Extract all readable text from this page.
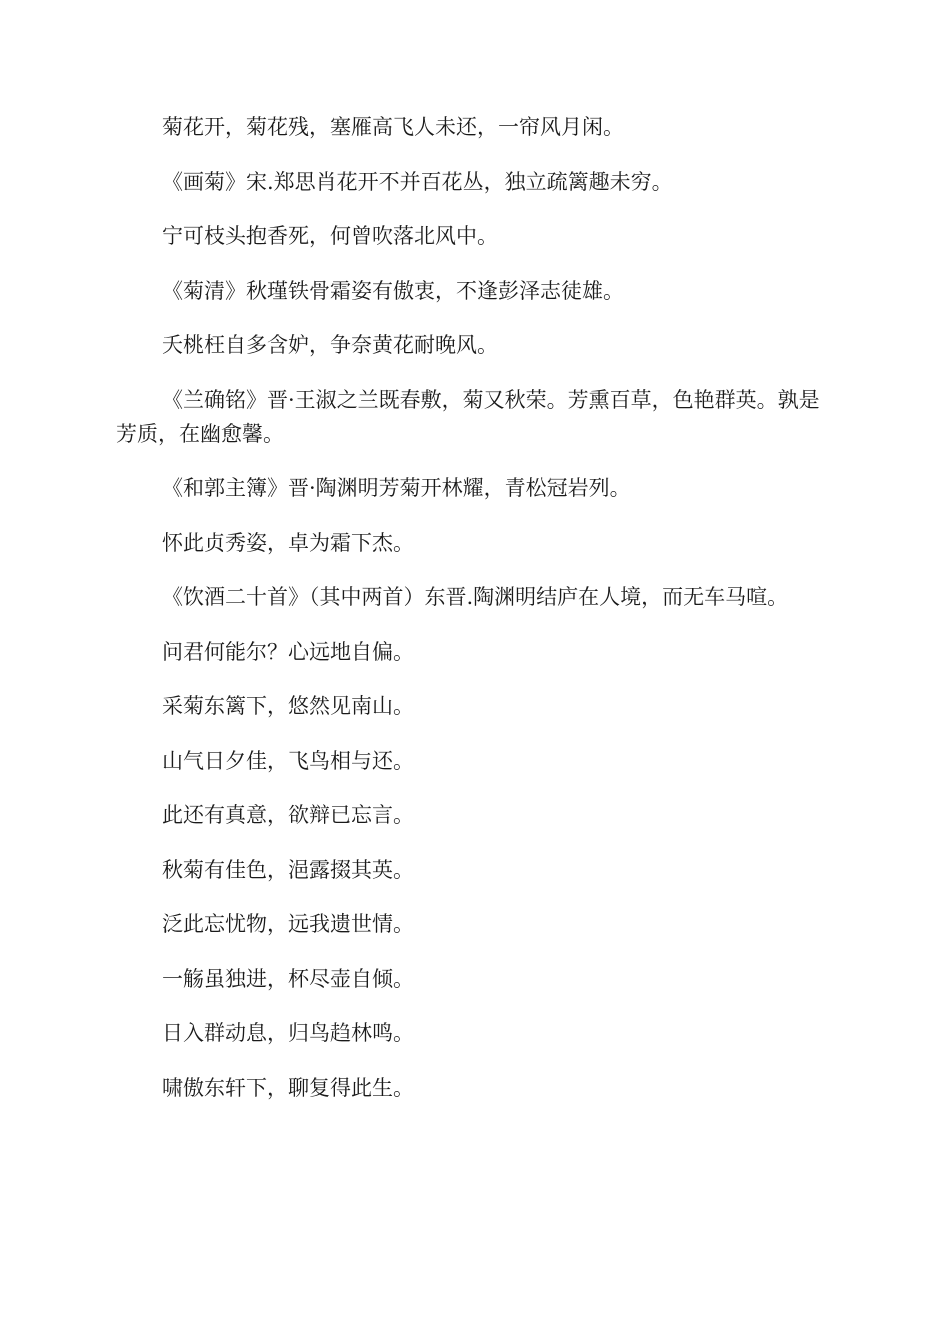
菊花开，菊花残，塞雁高飞人未还，一帘风月闲。

《画菊》宋.郑思肖花开不并百花丛，独立疏篱趣未穷。

宁可枝头抱香死，何曾吹落北风中。

《菊清》秋瑾铁骨霜姿有傲衷，不逢彭泽志徒雄。

夭桃枉自多含妒，争奈黄花耐晚风。

《兰确铭》晋·王淑之兰既春敷，菊又秋荣。芳熏百草，色艳群英。孰是芳质，在幽愈馨。

《和郭主簿》晋·陶渊明芳菊开林耀，青松冠岩列。

怀此贞秀姿，卓为霜下杰。

《饮酒二十首》（其中两首）东晋.陶渊明结庐在人境，而无车马喧。

问君何能尔？心远地自偏。

采菊东篱下，悠然见南山。

山气日夕佳，飞鸟相与还。

此还有真意，欲辩已忘言。

秋菊有佳色，浥露掇其英。

泛此忘忧物，远我遗世情。

一觞虽独进，杯尽壶自倾。

日入群动息，归鸟趋林鸣。

啸傲东轩下，聊复得此生。
